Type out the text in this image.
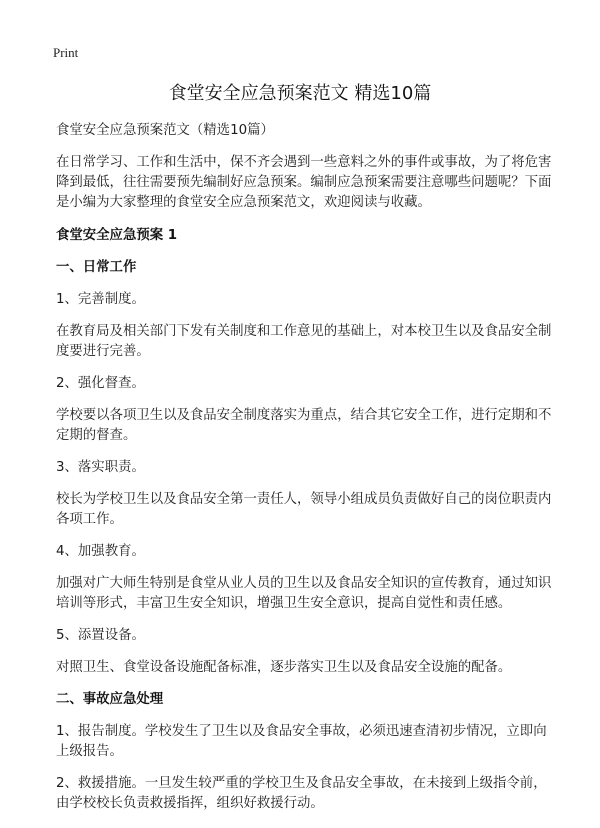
Print
食堂安全应急预案范文 精选10篇

食堂安全应急预案范文（精选10篇）

在日常学习、工作和生活中，保不齐会遇到一些意料之外的事件或事故，为了将危害降到最低，往往需要预先编制好应急预案。编制应急预案需要注意哪些问题呢？下面是小编为大家整理的食堂安全应急预案范文，欢迎阅读与收藏。

食堂安全应急预案 1

一、日常工作

1、完善制度。

在教育局及相关部门下发有关制度和工作意见的基础上，对本校卫生以及食品安全制度要进行完善。

2、强化督查。

学校要以各项卫生以及食品安全制度落实为重点，结合其它安全工作，进行定期和不定期的督查。

3、落实职责。

校长为学校卫生以及食品安全第一责任人，领导小组成员负责做好自己的岗位职责内各项工作。

4、加强教育。

加强对广大师生特别是食堂从业人员的卫生以及食品安全知识的宣传教育，通过知识培训等形式，丰富卫生安全知识，增强卫生安全意识，提高自觉性和责任感。

5、添置设备。

对照卫生、食堂设备设施配备标准，逐步落实卫生以及食品安全设施的配备。

二、事故应急处理

1、报告制度。学校发生了卫生以及食品安全事故，必须迅速查清初步情况，立即向上级报告。

2、救援措施。一旦发生较严重的学校卫生及食品安全事故，在未接到上级指令前，由学校校长负责救援指挥，组织好救援行动。
